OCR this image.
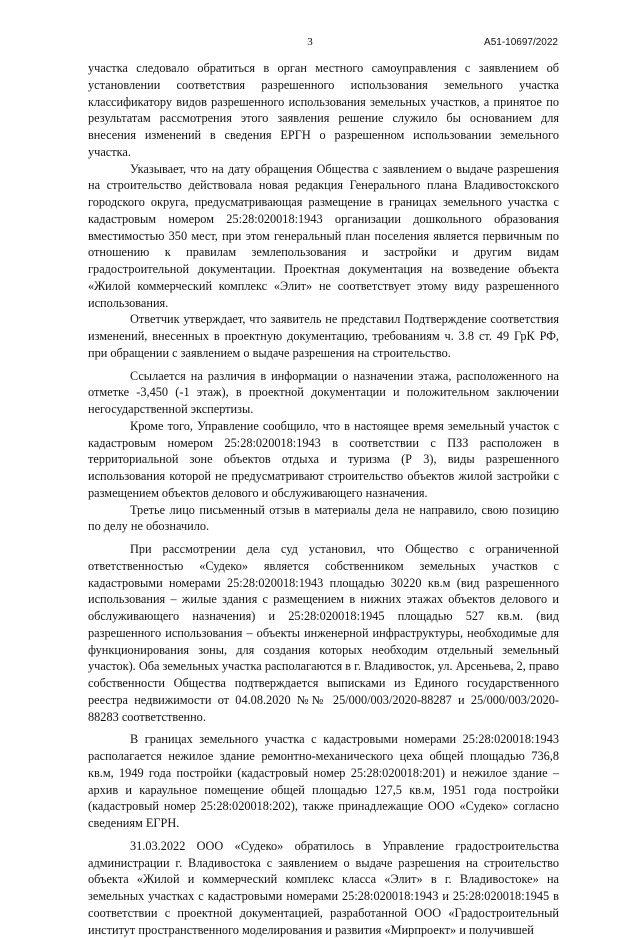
3	А51-10697/2022

участка следовало обратиться в орган местного самоуправления с заявлением об установлении соответствия разрешенного использования земельного участка классификатору видов разрешенного использования земельных участков, а принятое по результатам рассмотрения этого заявления решение служило бы основанием для внесения изменений в сведения ЕРГН о разрешенном использовании земельного участка.

Указывает, что на дату обращения Общества с заявлением о выдаче разрешения на строительство действовала новая редакция Генерального плана Владивостокского городского округа, предусматривающая размещение в границах земельного участка с кадастровым номером 25:28:020018:1943 организации дошкольного образования вместимостью 350 мест, при этом генеральный план поселения является первичным по отношению к правилам землепользования и застройки и другим видам градостроительной документации. Проектная документация на возведение объекта «Жилой коммерческий комплекс «Элит» не соответствует этому виду разрешенного использования.

Ответчик утверждает, что заявитель не представил Подтверждение соответствия изменений, внесенных в проектную документацию, требованиям ч. 3.8 ст. 49 ГрК РФ, при обращении с заявлением о выдаче разрешения на строительство.

Ссылается на различия в информации о назначении этажа, расположенного на отметке -3,450 (-1 этаж), в проектной документации и положительном заключении негосударственной экспертизы.

Кроме того, Управление сообщило, что в настоящее время земельный участок с кадастровым номером 25:28:020018:1943 в соответствии с ПЗЗ расположен в территориальной зоне объектов отдыха и туризма (Р 3), виды разрешенного использования которой не предусматривают строительство объектов жилой застройки с размещением объектов делового и обслуживающего назначения.

Третье лицо письменный отзыв в материалы дела не направило, свою позицию по делу не обозначило.

При рассмотрении дела суд установил, что Общество с ограниченной ответственностью «Судеко» является собственником земельных участков с кадастровыми номерами 25:28:020018:1943 площадью 30220 кв.м (вид разрешенного использования – жилые здания с размещением в нижних этажах объектов делового и обслуживающего назначения) и 25:28:020018:1945 площадью 527 кв.м. (вид разрешенного использования – объекты инженерной инфраструктуры, необходимые для функционирования зоны, для создания которых необходим отдельный земельный участок). Оба земельных участка располагаются в г. Владивосток, ул. Арсеньева, 2, право собственности Общества подтверждается выписками из Единого государственного реестра недвижимости от 04.08.2020 №№ 25/000/003/2020-88287 и 25/000/003/2020-88283 соответственно.

В границах земельного участка с кадастровыми номерами 25:28:020018:1943 располагается нежилое здание ремонтно-механического цеха общей площадью 736,8 кв.м, 1949 года постройки (кадастровый номер 25:28:020018:201) и нежилое здание – архив и караульное помещение общей площадью 127,5 кв.м, 1951 года постройки (кадастровый номер 25:28:020018:202), также принадлежащие ООО «Судеко» согласно сведениям ЕГРН.

31.03.2022 ООО «Судеко» обратилось в Управление градостроительства администрации г. Владивостока с заявлением о выдаче разрешения на строительство объекта «Жилой и коммерческий комплекс класса «Элит» в г. Владивостоке» на земельных участках с кадастровыми номерами 25:28:020018:1943 и 25:28:020018:1945 в соответствии с проектной документацией, разработанной ООО «Градостроительный институт пространственного моделирования и развития «Мирпроект» и получившей
